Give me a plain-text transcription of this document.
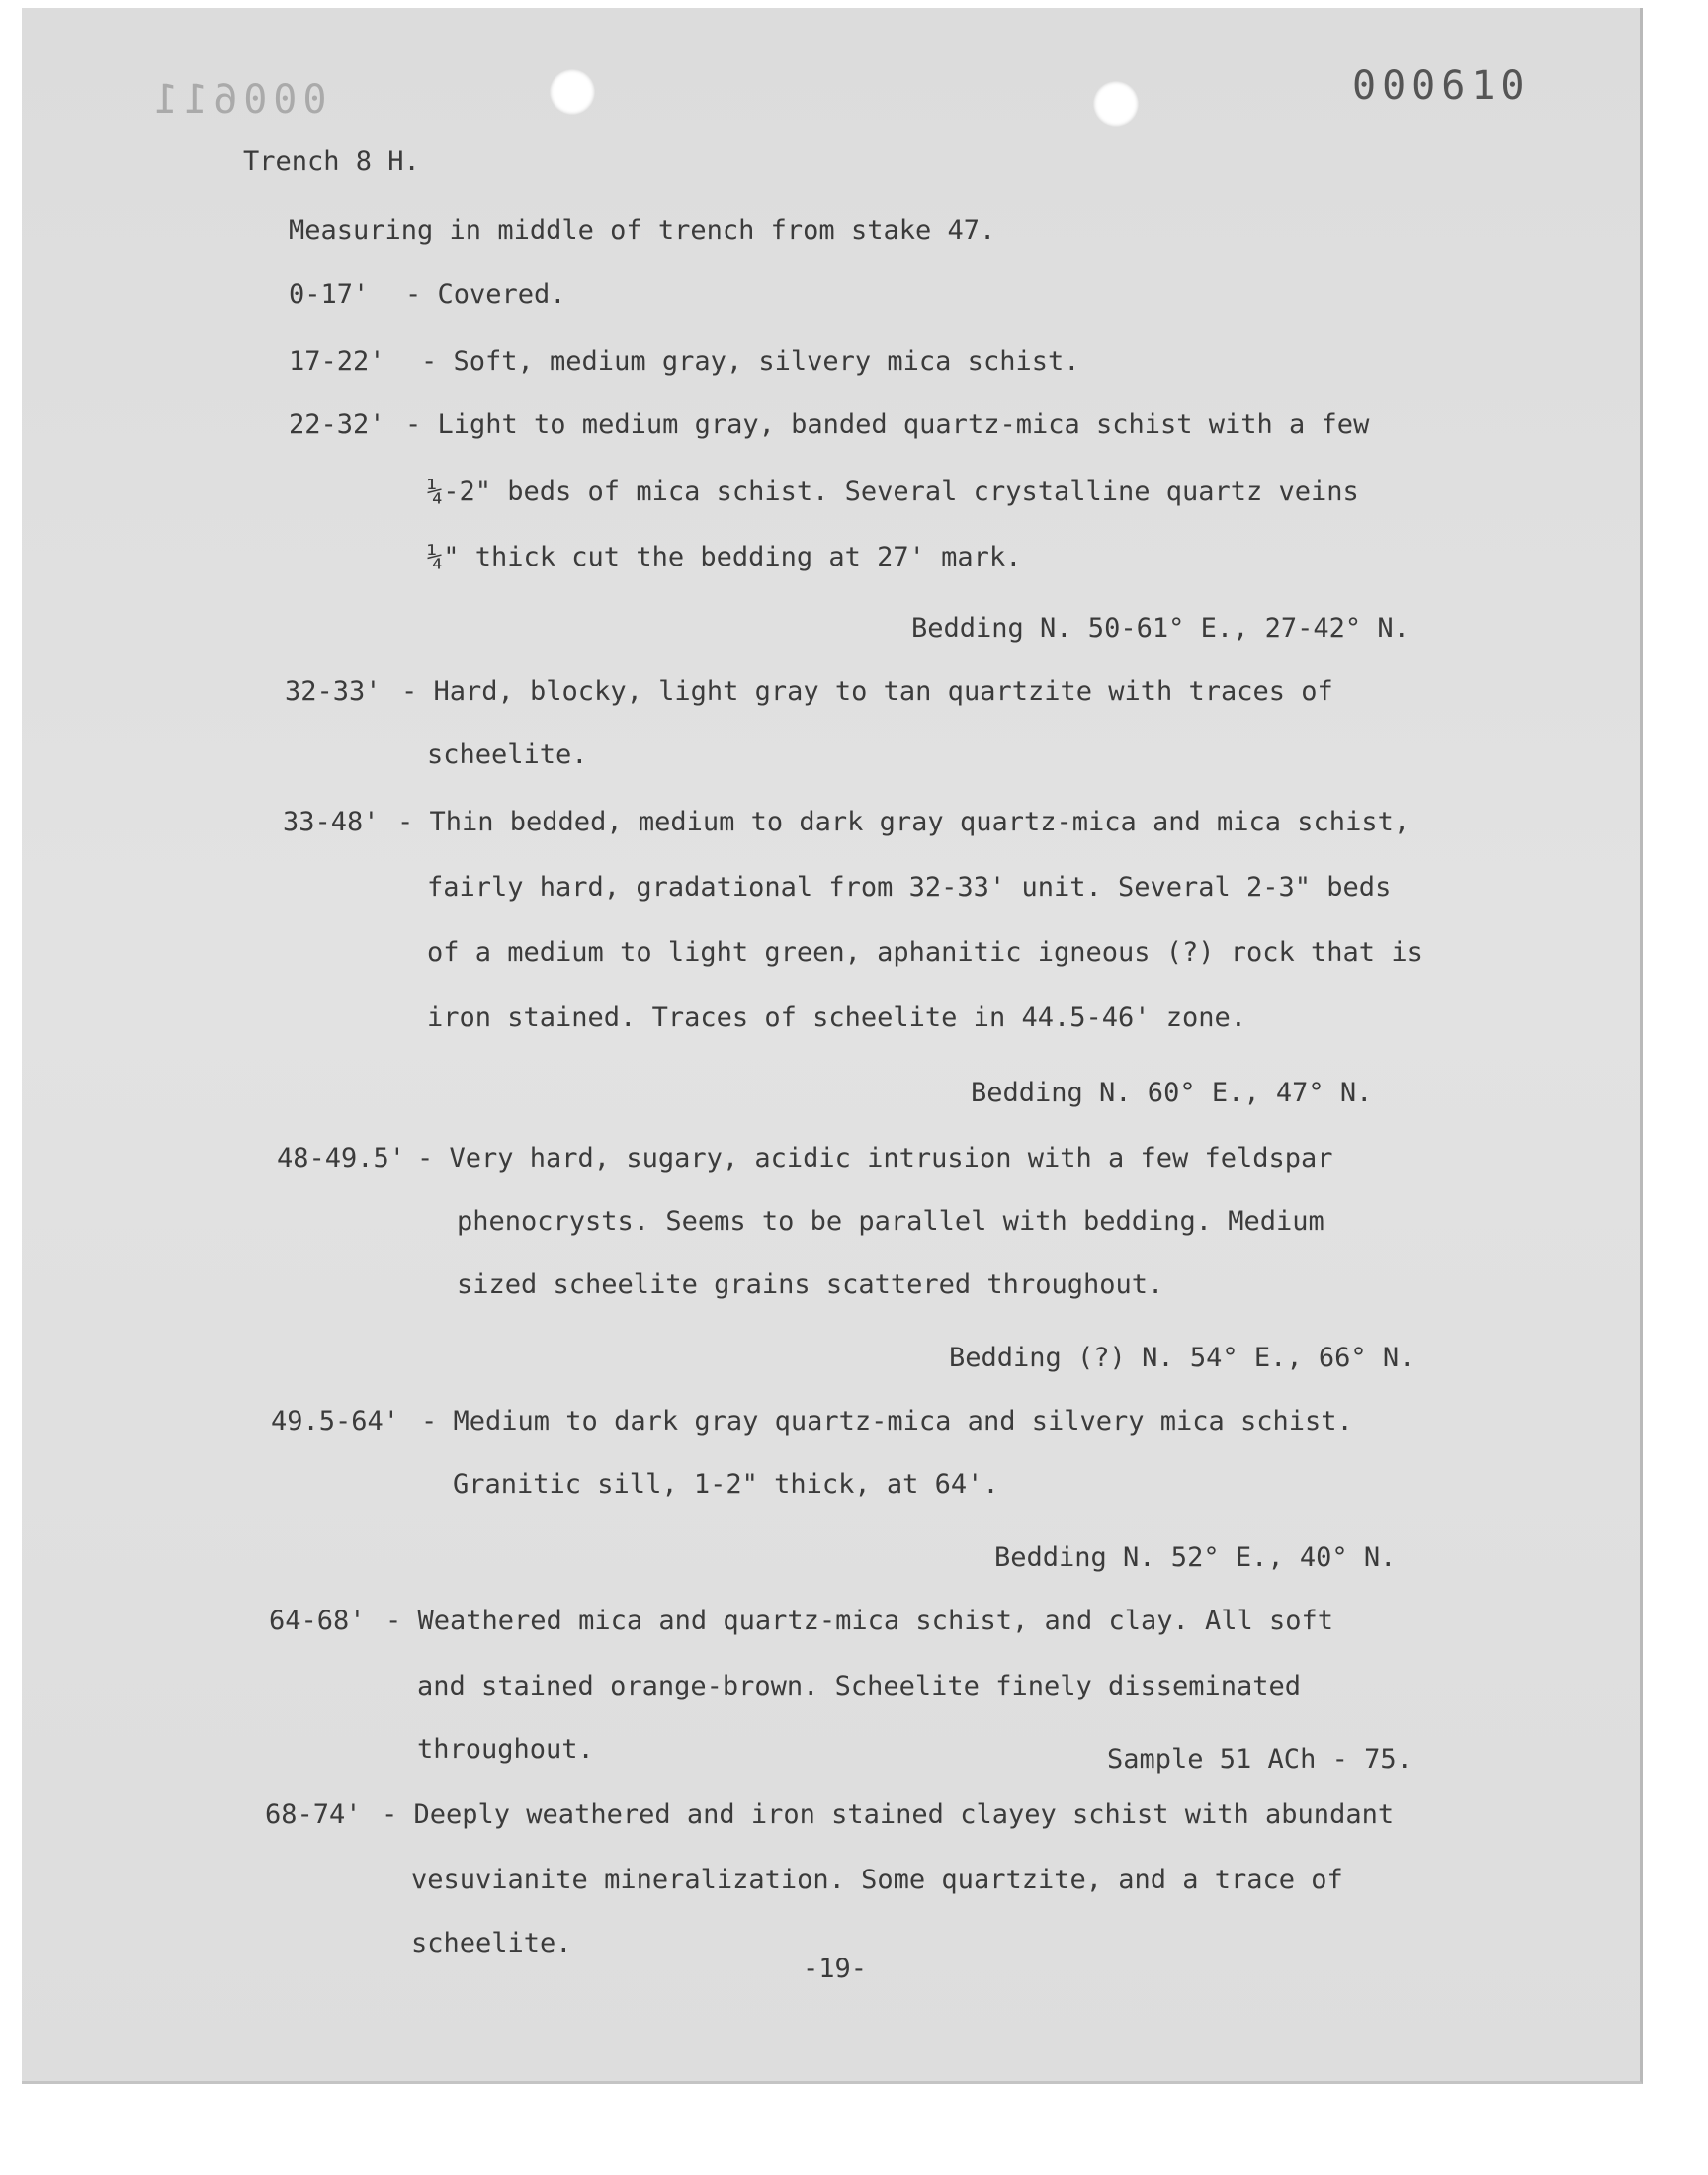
000611	000610
Trench 8 H.
Measuring in middle of trench from stake 47.
0-17' - Covered.
17-22' - Soft, medium gray, silvery mica schist.
22-32' - Light to medium gray, banded quartz-mica schist with a few
¼-2" beds of mica schist. Several crystalline quartz veins
¼" thick cut the bedding at 27' mark.
Bedding N. 50-61° E., 27-42° N.
32-33' - Hard, blocky, light gray to tan quartzite with traces of
scheelite.
33-48' - Thin bedded, medium to dark gray quartz-mica and mica schist,
fairly hard, gradational from 32-33' unit. Several 2-3" beds
of a medium to light green, aphanitic igneous (?) rock that is
iron stained. Traces of scheelite in 44.5-46' zone.
Bedding N. 60° E., 47° N.
48-49.5' - Very hard, sugary, acidic intrusion with a few feldspar
phenocrysts. Seems to be parallel with bedding. Medium
sized scheelite grains scattered throughout.
Bedding (?) N. 54° E., 66° N.
49.5-64' - Medium to dark gray quartz-mica and silvery mica schist.
Granitic sill, 1-2" thick, at 64'.
Bedding N. 52° E., 40° N.
64-68' - Weathered mica and quartz-mica schist, and clay. All soft
and stained orange-brown. Scheelite finely disseminated
throughout.	Sample 51 ACh - 75.
68-74' - Deeply weathered and iron stained clayey schist with abundant
vesuvianite mineralization. Some quartzite, and a trace of
scheelite.
-19-
